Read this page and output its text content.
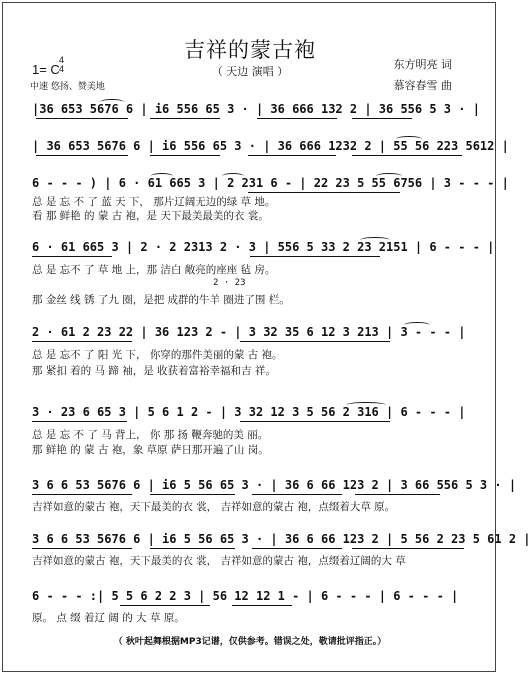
吉祥的蒙古袍
（ 天边 演唱 ）
1= C
4
4
中速 悠扬、赞美地
东方明亮 词
慕容春雪 曲
|36 653 5676 6 | i6 556 65 3 · | 36 666 132 2 | 36 556 5 3 · |
| 36 653 5676 6 | i6 556 65 3 · | 36 666 1232 2 | 55 56 223 5612 |
6 - - - ) | 6 · 61 665 3 | 2 231 6 - | 22 23 5 55 6756 | 3 - - - |
总 是 忘 不 了 蓝 天 下， 那片辽阔无边的绿 草 地。
看 那 鲜艳 的 蒙 古 袍，是 天下最美最美的衣 裳。
6 · 61 665 3 | 2 · 2 2313 2 · 3 | 556 5 33 2 23 2151 | 6 - - - |
总 是 忘不 了 草 地 上，那 洁白 敞亮的座座 毡 房。
2 · 23
那 金丝 线 锈 了九 圈，是把 成群的牛羊 圈进了围 栏。
2 · 61 2 23 22 | 36 123 2 - | 3 32 35 6 12 3 213 | 3 - - - |
总 是 忘不 了 阳 光 下， 你穿的那件美丽的蒙 古 袍。
那 紧扣 着的 马 蹄 袖，是 收获着富裕幸福和吉 祥。
3 · 23 6 65 3 | 5 6 1 2 - | 3 32 12 3 5 56 2 316 | 6 - - - |
总 是 忘 不 了 马 背上， 你 那 扬 鞭奔驰的美 丽。
那 鲜艳 的 蒙 古 袍，象 草原 萨日那开遍了山 岗。
3 6 6 53 5676 6 | i6 5 56 65 3 · | 36 6 66 123 2 | 3 66 556 5 3 · |
吉祥如意的蒙古 袍，天下最美的衣 裳， 吉祥如意的蒙古 袍，点缀着大草 原。
3 6 6 53 5676 6 | i6 5 56 65 3 · | 36 6 66 123 2 | 5 56 2 23 5 61 2 |
吉祥如意的蒙古 袍，天下最美的衣 裳， 吉祥如意的蒙古 袍，点缀着辽阔的大 草
6 - - - :| 5 5 6 2 2 3 | 56 12 12 1 - | 6 - - - | 6 - - - |
原。 点 缀 着辽 阔 的 大 草 原。
（ 秋叶起舞根据MP3记谱，仅供参考。错误之处，敬请批评指正。）
